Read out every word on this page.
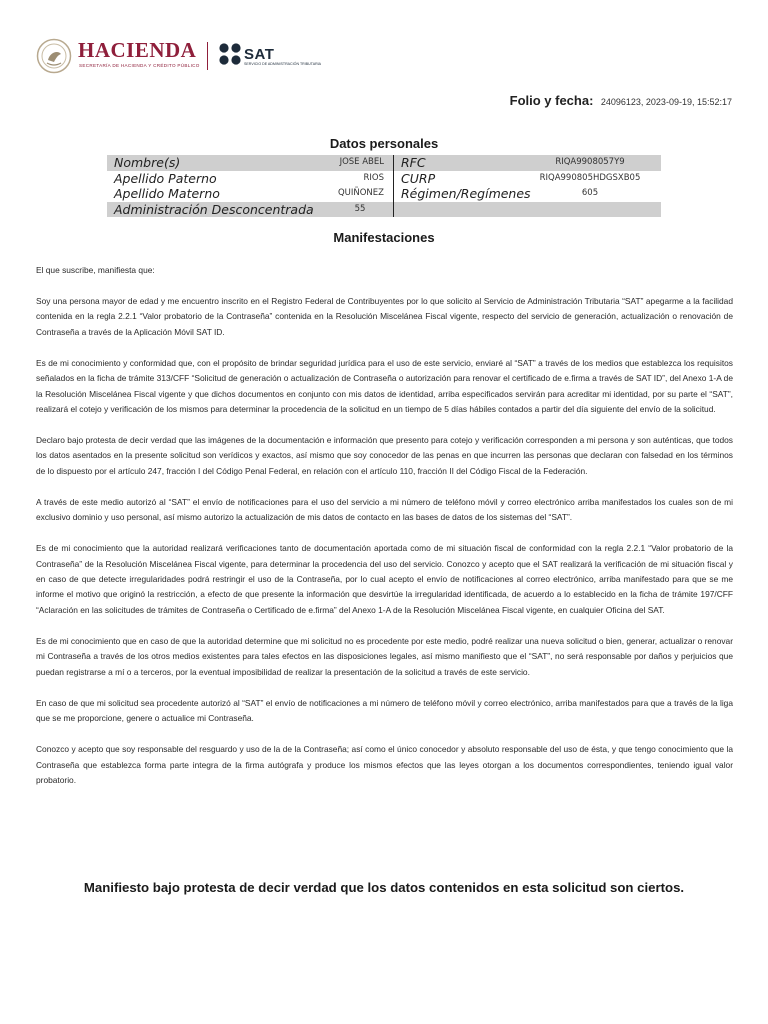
HACIENDA
SECRETARÍA DE HACIENDA Y CRÉDITO PÚBLICO
SAT
SERVICIO DE ADMINISTRACIÓN TRIBUTARIA
Folio y fecha: 24096123, 2023-09-19, 15:52:17
Datos personales
Nombre(s)	JOSE ABEL RFC	RIQA9908057Y9
Apellido Paterno	RIOS CURP	RIQA990805HDGSXB05
Apellido Materno	QUIÑONEZ Régimen/Regímenes	605
Administración Desconcentrada	55
Manifestaciones

El que suscribe, manifiesta que:

Soy una persona mayor de edad y me encuentro inscrito en el Registro Federal de Contribuyentes por lo que solicito al Servicio de Administración Tributaria “SAT” apegarme a la facilidad contenida en la regla 2.2.1 “Valor probatorio de la Contraseña” contenida en la Resolución Miscelánea Fiscal vigente, respecto del servicio de generación, actualización o renovación de Contraseña a través de la Aplicación Móvil SAT ID.

Es de mi conocimiento y conformidad que, con el propósito de brindar seguridad jurídica para el uso de este servicio, enviaré al “SAT” a través de los medios que establezca los requisitos señalados en la ficha de trámite 313/CFF “Solicitud de generación o actualización de Contraseña o autorización para renovar el certificado de e.firma a través de SAT ID”, del Anexo 1-A de la Resolución Miscelánea Fiscal vigente y que dichos documentos en conjunto con mis datos de identidad, arriba especificados servirán para acreditar mi identidad, por su parte el “SAT”, realizará el cotejo y verificación de los mismos para determinar la procedencia de la solicitud en un tiempo de 5 días hábiles contados a partir del día siguiente del envío de la solicitud.

Declaro bajo protesta de decir verdad que las imágenes de la documentación e información que presento para cotejo y verificación corresponden a mi persona y son auténticas, que todos los datos asentados en la presente solicitud son verídicos y exactos, así mismo que soy conocedor de las penas en que incurren las personas que declaran con falsedad en los términos de lo dispuesto por el artículo 247, fracción I del Código Penal Federal, en relación con el artículo 110, fracción II del Código Fiscal de la Federación.

A través de este medio autorizó al “SAT” el envío de notificaciones para el uso del servicio a mi número de teléfono móvil y correo electrónico arriba manifestados los cuales son de mi exclusivo dominio y uso personal, así mismo autorizo la actualización de mis datos de contacto en las bases de datos de los sistemas del “SAT”.

Es de mi conocimiento que la autoridad realizará verificaciones tanto de documentación aportada como de mi situación fiscal de conformidad con la regla 2.2.1 “Valor probatorio de la Contraseña” de la Resolución Miscelánea Fiscal vigente, para determinar la procedencia del uso del servicio. Conozco y acepto que el SAT realizará la verificación de mi situación fiscal y en caso de que detecte irregularidades podrá restringir el uso de la Contraseña, por lo cual acepto el envío de notificaciones al correo electrónico, arriba manifestado para que se me informe el motivo que originó la restricción, a efecto de que presente la información que desvirtúe la irregularidad identificada, de acuerdo a lo establecido en la ficha de trámite 197/CFF “Aclaración en las solicitudes de trámites de Contraseña o Certificado de e.firma” del Anexo 1-A de la Resolución Miscelánea Fiscal vigente, en cualquier Oficina del SAT.

Es de mi conocimiento que en caso de que la autoridad determine que mi solicitud no es procedente por este medio, podré realizar una nueva solicitud o bien, generar, actualizar o renovar mi Contraseña a través de los otros medios existentes para tales efectos en las disposiciones legales, así mismo manifiesto que el “SAT”, no será responsable por daños y perjuicios que puedan registrarse a mí o a terceros, por la eventual imposibilidad de realizar la presentación de la solicitud a través de este servicio.

En caso de que mi solicitud sea procedente autorizó al “SAT” el envío de notificaciones a mi número de teléfono móvil y correo electrónico, arriba manifestados para que a través de la liga que se me proporcione, genere o actualice mi Contraseña.

Conozco y acepto que soy responsable del resguardo y uso de la de la Contraseña; así como el único conocedor y absoluto responsable del uso de ésta, y que tengo conocimiento que la Contraseña que establezca forma parte integra de la firma autógrafa y produce los mismos efectos que las leyes otorgan a los documentos correspondientes, teniendo igual valor probatorio.

Manifiesto bajo protesta de decir verdad que los datos contenidos en esta solicitud son ciertos.
